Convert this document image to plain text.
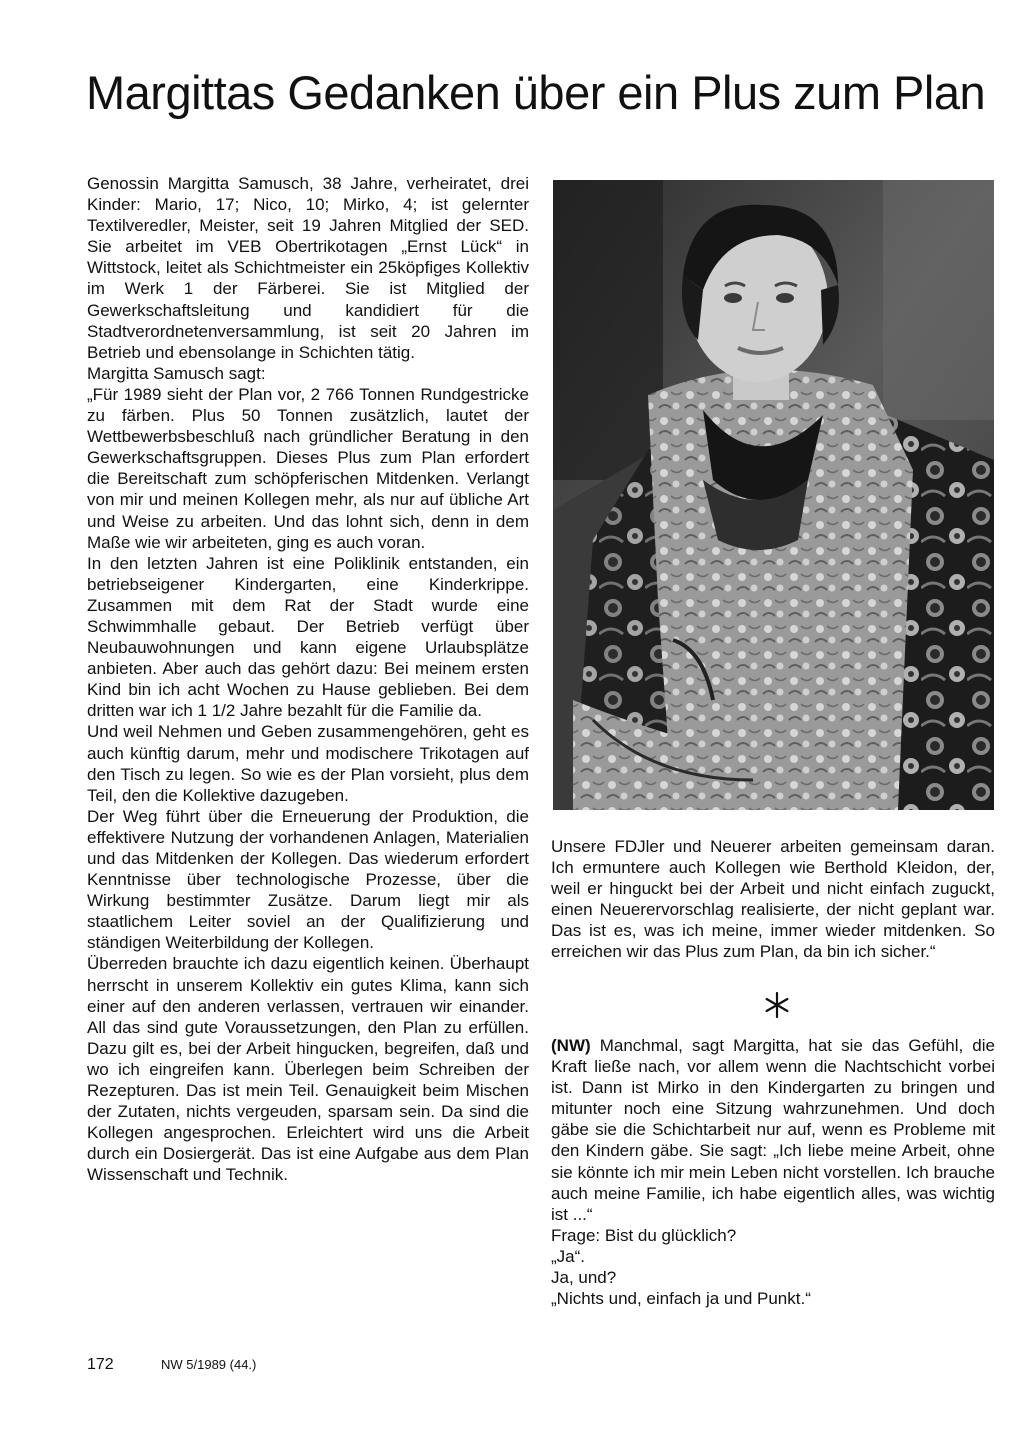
Margittas Gedanken über ein Plus zum Plan

Genossin Margitta Samusch, 38 Jahre, verheiratet, drei Kinder: Mario, 17; Nico, 10; Mirko, 4; ist gelernter Textilveredler, Meister, seit 19 Jahren Mitglied der SED. Sie arbeitet im VEB Obertrikotagen „Ernst Lück“ in Wittstock, leitet als Schichtmeister ein 25köpfiges Kollektiv im Werk 1 der Färberei. Sie ist Mitglied der Gewerkschaftsleitung und kandidiert für die Stadtverordnetenversammlung, ist seit 20 Jahren im Betrieb und ebensolange in Schichten tätig.

Margitta Samusch sagt:

„Für 1989 sieht der Plan vor, 2 766 Tonnen Rundgestricke zu färben. Plus 50 Tonnen zusätzlich, lautet der Wettbewerbsbeschluß nach gründlicher Beratung in den Gewerkschaftsgruppen. Dieses Plus zum Plan erfordert die Bereitschaft zum schöpferischen Mitdenken. Verlangt von mir und meinen Kollegen mehr, als nur auf übliche Art und Weise zu arbeiten. Und das lohnt sich, denn in dem Maße wie wir arbeiteten, ging es auch voran.

In den letzten Jahren ist eine Poliklinik entstanden, ein betriebseigener Kindergarten, eine Kinderkrippe. Zusammen mit dem Rat der Stadt wurde eine Schwimmhalle gebaut. Der Betrieb verfügt über Neubauwohnungen und kann eigene Urlaubsplätze anbieten. Aber auch das gehört dazu: Bei meinem ersten Kind bin ich acht Wochen zu Hause geblieben. Bei dem dritten war ich 1 1/2 Jahre bezahlt für die Familie da.

Und weil Nehmen und Geben zusammengehören, geht es auch künftig darum, mehr und modischere Trikotagen auf den Tisch zu legen. So wie es der Plan vorsieht, plus dem Teil, den die Kollektive dazugeben.

Der Weg führt über die Erneuerung der Produktion, die effektivere Nutzung der vorhandenen Anlagen, Materialien und das Mitdenken der Kollegen. Das wiederum erfordert Kenntnisse über technologische Prozesse, über die Wirkung bestimmter Zusätze. Darum liegt mir als staatlichem Leiter soviel an der Qualifizierung und ständigen Weiterbildung der Kollegen.

Überreden brauchte ich dazu eigentlich keinen. Überhaupt herrscht in unserem Kollektiv ein gutes Klima, kann sich einer auf den anderen verlassen, vertrauen wir einander. All das sind gute Voraussetzungen, den Plan zu erfüllen. Dazu gilt es, bei der Arbeit hingucken, begreifen, daß und wo ich eingreifen kann. Überlegen beim Schreiben der Rezepturen. Das ist mein Teil. Genauigkeit beim Mischen der Zutaten, nichts vergeuden, sparsam sein. Da sind die Kollegen angesprochen. Erleichtert wird uns die Arbeit durch ein Dosiergerät. Das ist eine Aufgabe aus dem Plan Wissenschaft und Technik.

Unsere FDJler und Neuerer arbeiten gemeinsam daran. Ich ermuntere auch Kollegen wie Berthold Kleidon, der, weil er hinguckt bei der Arbeit und nicht einfach zuguckt, einen Neuerervorschlag realisierte, der nicht geplant war. Das ist es, was ich meine, immer wieder mitdenken. So erreichen wir das Plus zum Plan, da bin ich sicher.“

(NW) Manchmal, sagt Margitta, hat sie das Gefühl, die Kraft ließe nach, vor allem wenn die Nachtschicht vorbei ist. Dann ist Mirko in den Kindergarten zu bringen und mitunter noch eine Sitzung wahrzunehmen. Und doch gäbe sie die Schichtarbeit nur auf, wenn es Probleme mit den Kindern gäbe. Sie sagt: „Ich liebe meine Arbeit, ohne sie könnte ich mir mein Leben nicht vorstellen. Ich brauche auch meine Familie, ich habe eigentlich alles, was wichtig ist ...“

Frage: Bist du glücklich?

„Ja“.

Ja, und?

„Nichts und, einfach ja und Punkt.“

172	NW 5/1989 (44.)
